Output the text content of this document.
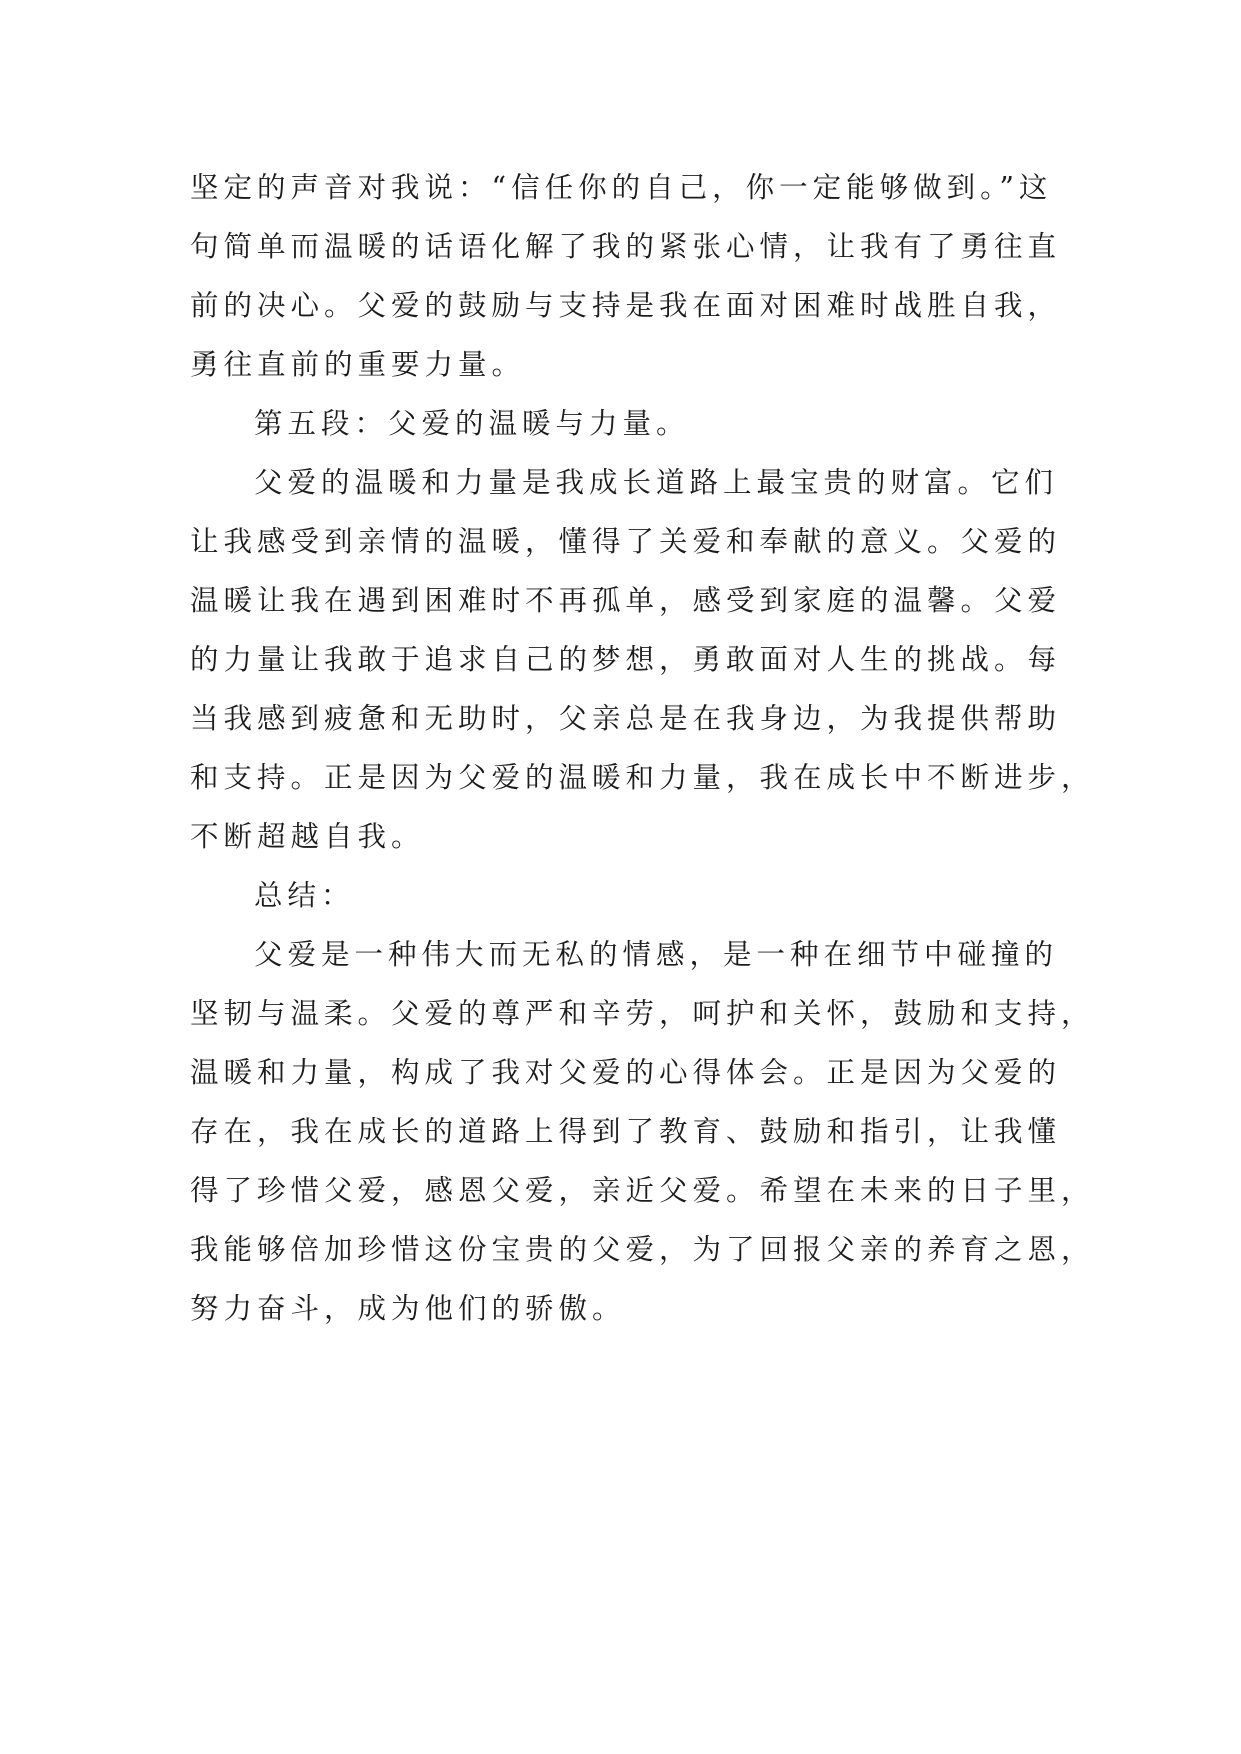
坚定的声音对我说：“信任你的自己，你一定能够做到。”这
句简单而温暖的话语化解了我的紧张心情，让我有了勇往直
前的决心。父爱的鼓励与支持是我在面对困难时战胜自我，
勇往直前的重要力量。

第五段：父爱的温暖与力量。

父爱的温暖和力量是我成长道路上最宝贵的财富。它们
让我感受到亲情的温暖，懂得了关爱和奉献的意义。父爱的
温暖让我在遇到困难时不再孤单，感受到家庭的温馨。父爱
的力量让我敢于追求自己的梦想，勇敢面对人生的挑战。每
当我感到疲惫和无助时，父亲总是在我身边，为我提供帮助
和支持。正是因为父爱的温暖和力量，我在成长中不断进步，
不断超越自我。

总结：

父爱是一种伟大而无私的情感，是一种在细节中碰撞的
坚韧与温柔。父爱的尊严和辛劳，呵护和关怀，鼓励和支持，
温暖和力量，构成了我对父爱的心得体会。正是因为父爱的
存在，我在成长的道路上得到了教育、鼓励和指引，让我懂
得了珍惜父爱，感恩父爱，亲近父爱。希望在未来的日子里，
我能够倍加珍惜这份宝贵的父爱，为了回报父亲的养育之恩，
努力奋斗，成为他们的骄傲。
